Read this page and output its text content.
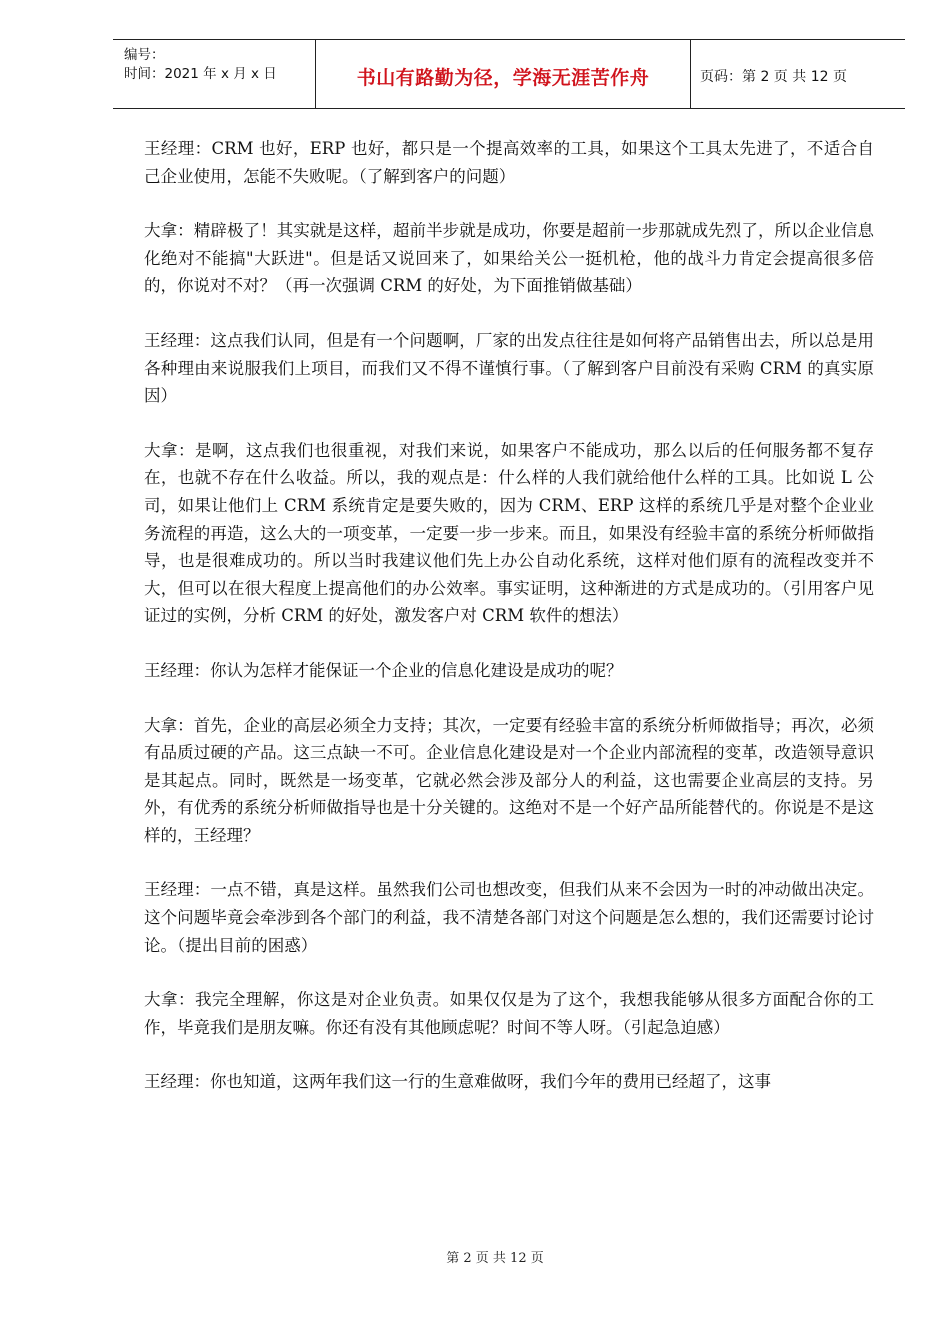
编号：
时间：2021 年 x 月 x 日	书山有路勤为径，学海无涯苦作舟	页码：第 2 页 共 12 页

王经理：CRM 也好，ERP 也好，都只是一个提高效率的工具，如果这个工具太先进了，不适合自己企业使用，怎能不失败呢。（了解到客户的问题）

大拿：精辟极了！其实就是这样，超前半步就是成功，你要是超前一步那就成先烈了，所以企业信息化绝对不能搞"大跃进"。但是话又说回来了，如果给关公一挺机枪，他的战斗力肯定会提高很多倍的，你说对不对？（再一次强调 CRM 的好处，为下面推销做基础）

王经理：这点我们认同，但是有一个问题啊，厂家的出发点往往是如何将产品销售出去，所以总是用各种理由来说服我们上项目，而我们又不得不谨慎行事。（了解到客户目前没有采购 CRM 的真实原因）

大拿：是啊，这点我们也很重视，对我们来说，如果客户不能成功，那么以后的任何服务都不复存在，也就不存在什么收益。所以，我的观点是：什么样的人我们就给他什么样的工具。比如说 L 公司，如果让他们上 CRM 系统肯定是要失败的，因为 CRM、ERP 这样的系统几乎是对整个企业业务流程的再造，这么大的一项变革，一定要一步一步来。而且，如果没有经验丰富的系统分析师做指导，也是很难成功的。所以当时我建议他们先上办公自动化系统，这样对他们原有的流程改变并不大，但可以在很大程度上提高他们的办公效率。事实证明，这种渐进的方式是成功的。（引用客户见证过的实例，分析 CRM 的好处，激发客户对 CRM 软件的想法）

王经理：你认为怎样才能保证一个企业的信息化建设是成功的呢？

大拿：首先，企业的高层必须全力支持；其次，一定要有经验丰富的系统分析师做指导；再次，必须有品质过硬的产品。这三点缺一不可。企业信息化建设是对一个企业内部流程的变革，改造领导意识是其起点。同时，既然是一场变革，它就必然会涉及部分人的利益，这也需要企业高层的支持。另外，有优秀的系统分析师做指导也是十分关键的。这绝对不是一个好产品所能替代的。你说是不是这样的，王经理？

王经理：一点不错，真是这样。虽然我们公司也想改变，但我们从来不会因为一时的冲动做出决定。这个问题毕竟会牵涉到各个部门的利益，我不清楚各部门对这个问题是怎么想的，我们还需要讨论讨论。（提出目前的困惑）

大拿：我完全理解，你这是对企业负责。如果仅仅是为了这个，我想我能够从很多方面配合你的工作，毕竟我们是朋友嘛。你还有没有其他顾虑呢？时间不等人呀。（引起急迫感）

王经理：你也知道，这两年我们这一行的生意难做呀，我们今年的费用已经超了，这事

第 2 页 共 12 页
